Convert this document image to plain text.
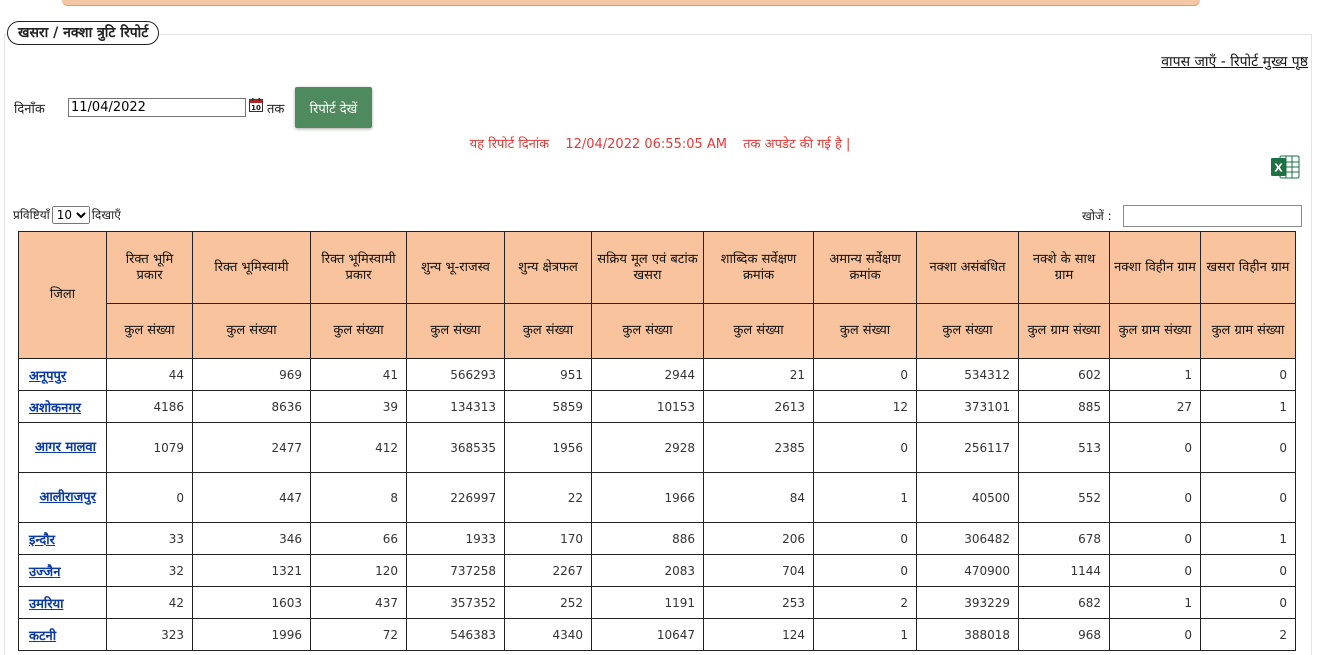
खसरा / नक्शा त्रुटि रिपोर्ट
वापस जाएँ - रिपोर्ट मुख्य पृष्ठ
दिनाँक
11/04/2022	10 तक	रिपोर्ट देखें
यह रिपोर्ट दिनांक 12/04/2022 06:55:05 AM तक अपडेट की गई है |
X
प्रविष्टियाँ
10	दिखाएँ	खोजें :
जिला	रिक्त भूमि प्रकार	रिक्त भूमिस्वामी	रिक्त भूमिस्वामी प्रकार	शुन्य भू-राजस्व	शुन्य क्षेत्रफल	सक्रिय मूल एवं बटांक खसरा	शाब्दिक सर्वेक्षण क्रमांक	अमान्य सर्वेक्षण क्रमांक	नक्शा असंबंधित	नक्शे के साथ ग्राम	नक्शा विहीन ग्राम	खसरा विहीन ग्राम
	कुल संख्या	कुल संख्या	कुल संख्या	कुल संख्या	कुल संख्या	कुल संख्या	कुल संख्या	कुल संख्या	कुल संख्या	कुल ग्राम संख्या	कुल ग्राम संख्या	कुल ग्राम संख्या
अनूपपुर	44	969	41	566293	951	2944	21	0	534312	602	1	0
अशोकनगर	4186	8636	39	134313	5859	10153	2613	12	373101	885	27	1
आगर मालवा	1079	2477	412	368535	1956	2928	2385	0	256117	513	0	0
आलीराजपुर	0	447	8	226997	22	1966	84	1	40500	552	0	0
इन्दौर	33	346	66	1933	170	886	206	0	306482	678	0	1
उज्जैन	32	1321	120	737258	2267	2083	704	0	470900	1144	0	0
उमरिया	42	1603	437	357352	252	1191	253	2	393229	682	1	0
कटनी	323	1996	72	546383	4340	10647	124	1	388018	968	0	2
